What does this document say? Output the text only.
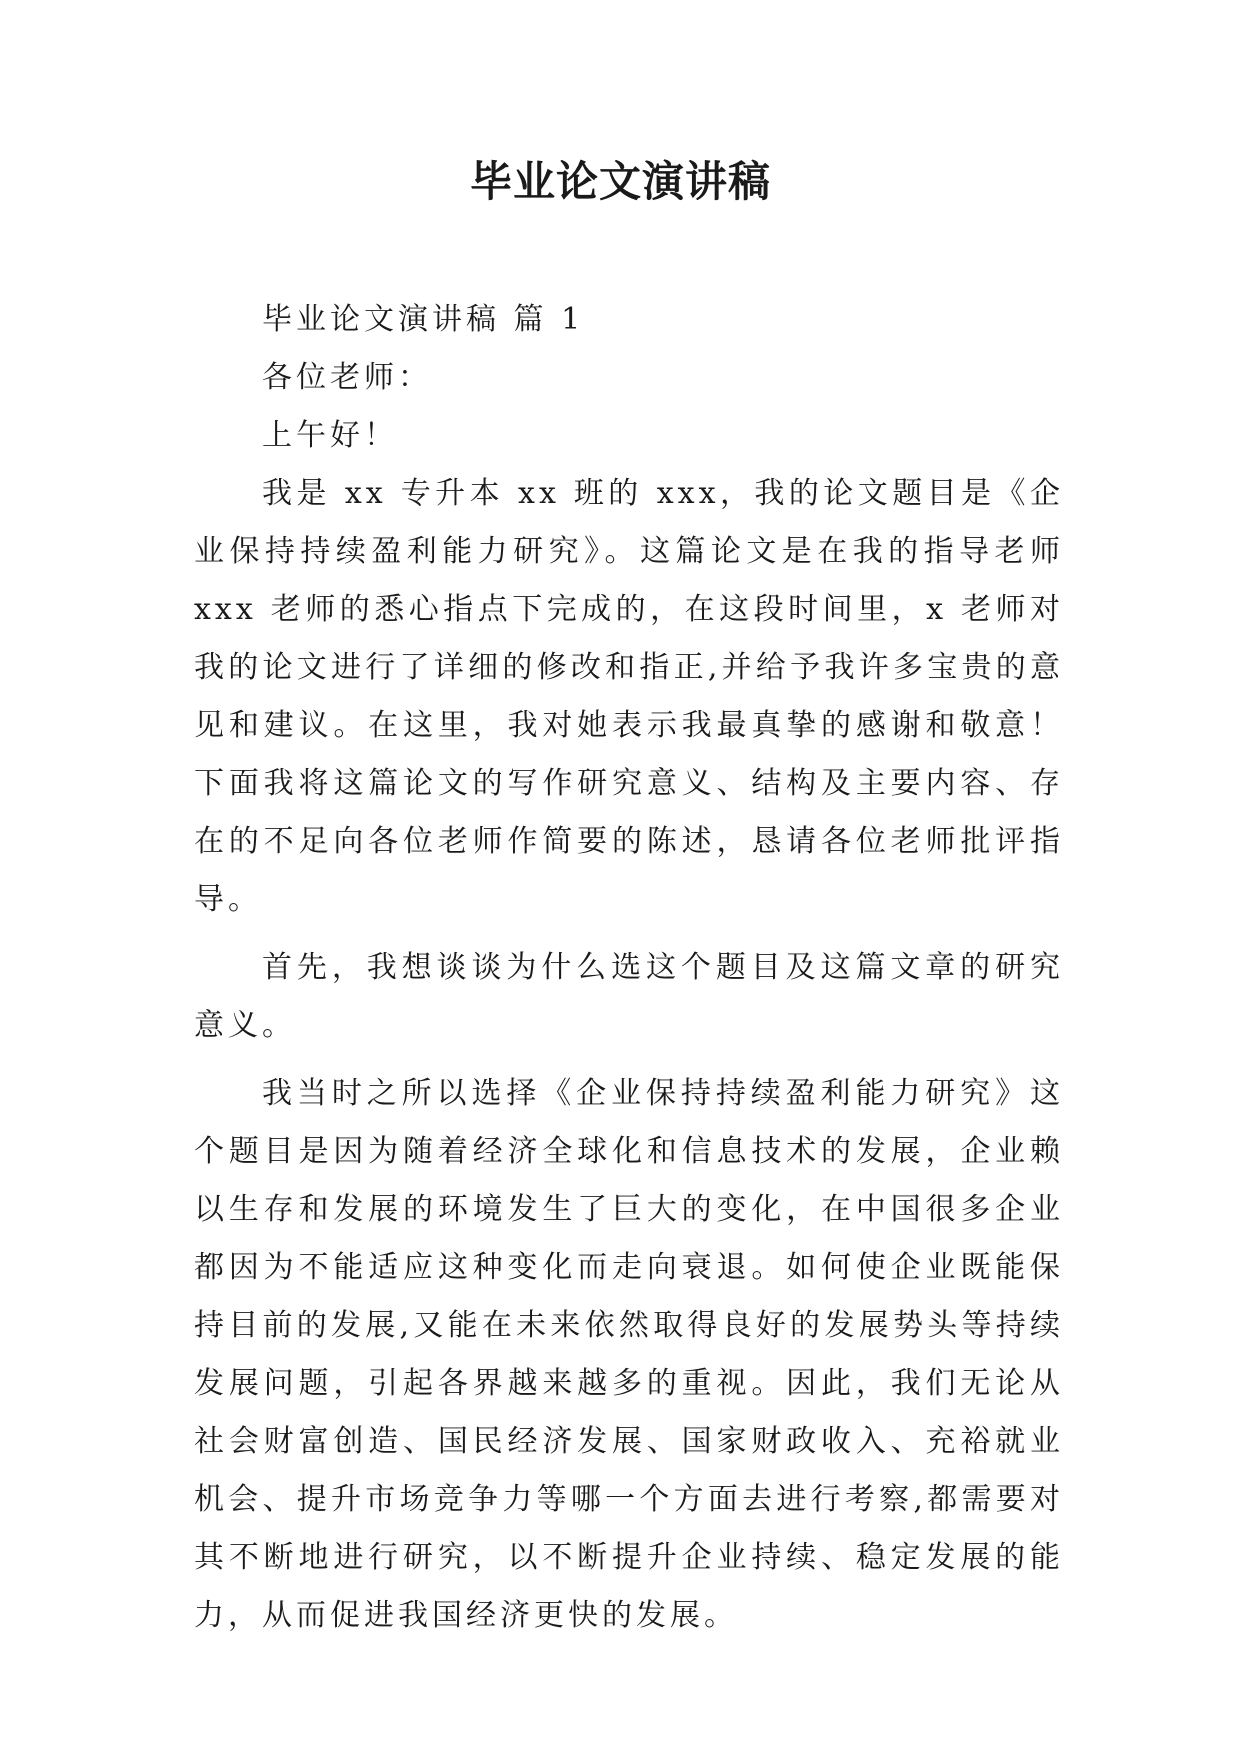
毕业论文演讲稿

毕业论文演讲稿 篇 1

各位老师：

上午好！

我是 xx 专升本 xx 班的 xxx，我的论文题目是《企业保持持续盈利能力研究》。这篇论文是在我的指导老师 xxx 老师的悉心指点下完成的，在这段时间里，x 老师对我的论文进行了详细的修改和指正,并给予我许多宝贵的意见和建议。在这里，我对她表示我最真挚的感谢和敬意！下面我将这篇论文的写作研究意义、结构及主要内容、存在的不足向各位老师作简要的陈述，恳请各位老师批评指导。

首先，我想谈谈为什么选这个题目及这篇文章的研究意义。

我当时之所以选择《企业保持持续盈利能力研究》这个题目是因为随着经济全球化和信息技术的发展，企业赖以生存和发展的环境发生了巨大的变化，在中国很多企业都因为不能适应这种变化而走向衰退。如何使企业既能保持目前的发展,又能在未来依然取得良好的发展势头等持续发展问题，引起各界越来越多的重视。因此，我们无论从社会财富创造、国民经济发展、国家财政收入、充裕就业机会、提升市场竞争力等哪一个方面去进行考察,都需要对其不断地进行研究，以不断提升企业持续、稳定发展的能力，从而促进我国经济更快的发展。
